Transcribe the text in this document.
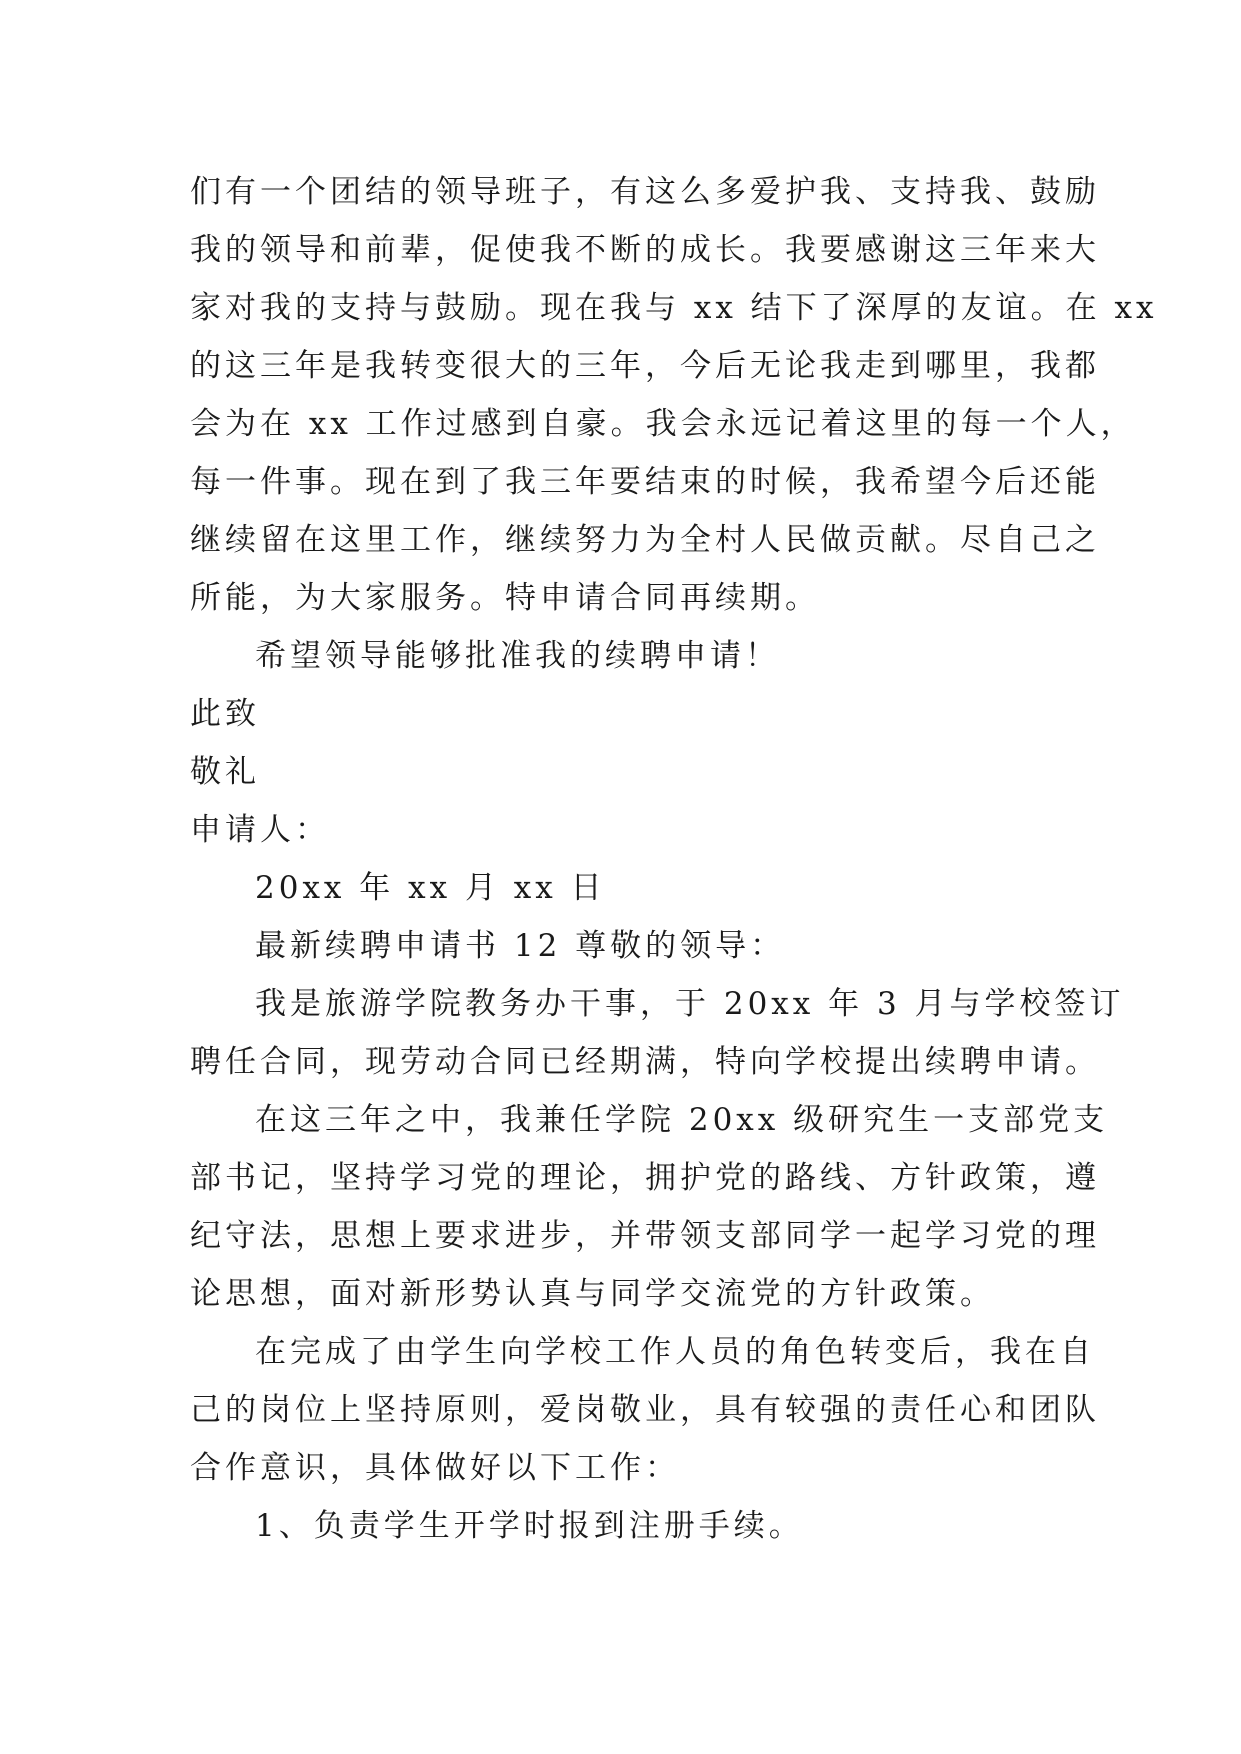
们有一个团结的领导班子，有这么多爱护我、支持我、鼓励
我的领导和前辈，促使我不断的成长。我要感谢这三年来大
家对我的支持与鼓励。现在我与 xx 结下了深厚的友谊。在 xx
的这三年是我转变很大的三年，今后无论我走到哪里，我都
会为在 xx 工作过感到自豪。我会永远记着这里的每一个人，
每一件事。现在到了我三年要结束的时候，我希望今后还能
继续留在这里工作，继续努力为全村人民做贡献。尽自己之
所能，为大家服务。特申请合同再续期。
希望领导能够批准我的续聘申请！
此致
敬礼
申请人：
20xx 年 xx 月 xx 日
最新续聘申请书 12 尊敬的领导：
我是旅游学院教务办干事，于 20xx 年 3 月与学校签订
聘任合同，现劳动合同已经期满，特向学校提出续聘申请。
在这三年之中，我兼任学院 20xx 级研究生一支部党支
部书记，坚持学习党的理论，拥护党的路线、方针政策，遵
纪守法，思想上要求进步，并带领支部同学一起学习党的理
论思想，面对新形势认真与同学交流党的方针政策。
在完成了由学生向学校工作人员的角色转变后，我在自
己的岗位上坚持原则，爱岗敬业，具有较强的责任心和团队
合作意识，具体做好以下工作：
1、负责学生开学时报到注册手续。
